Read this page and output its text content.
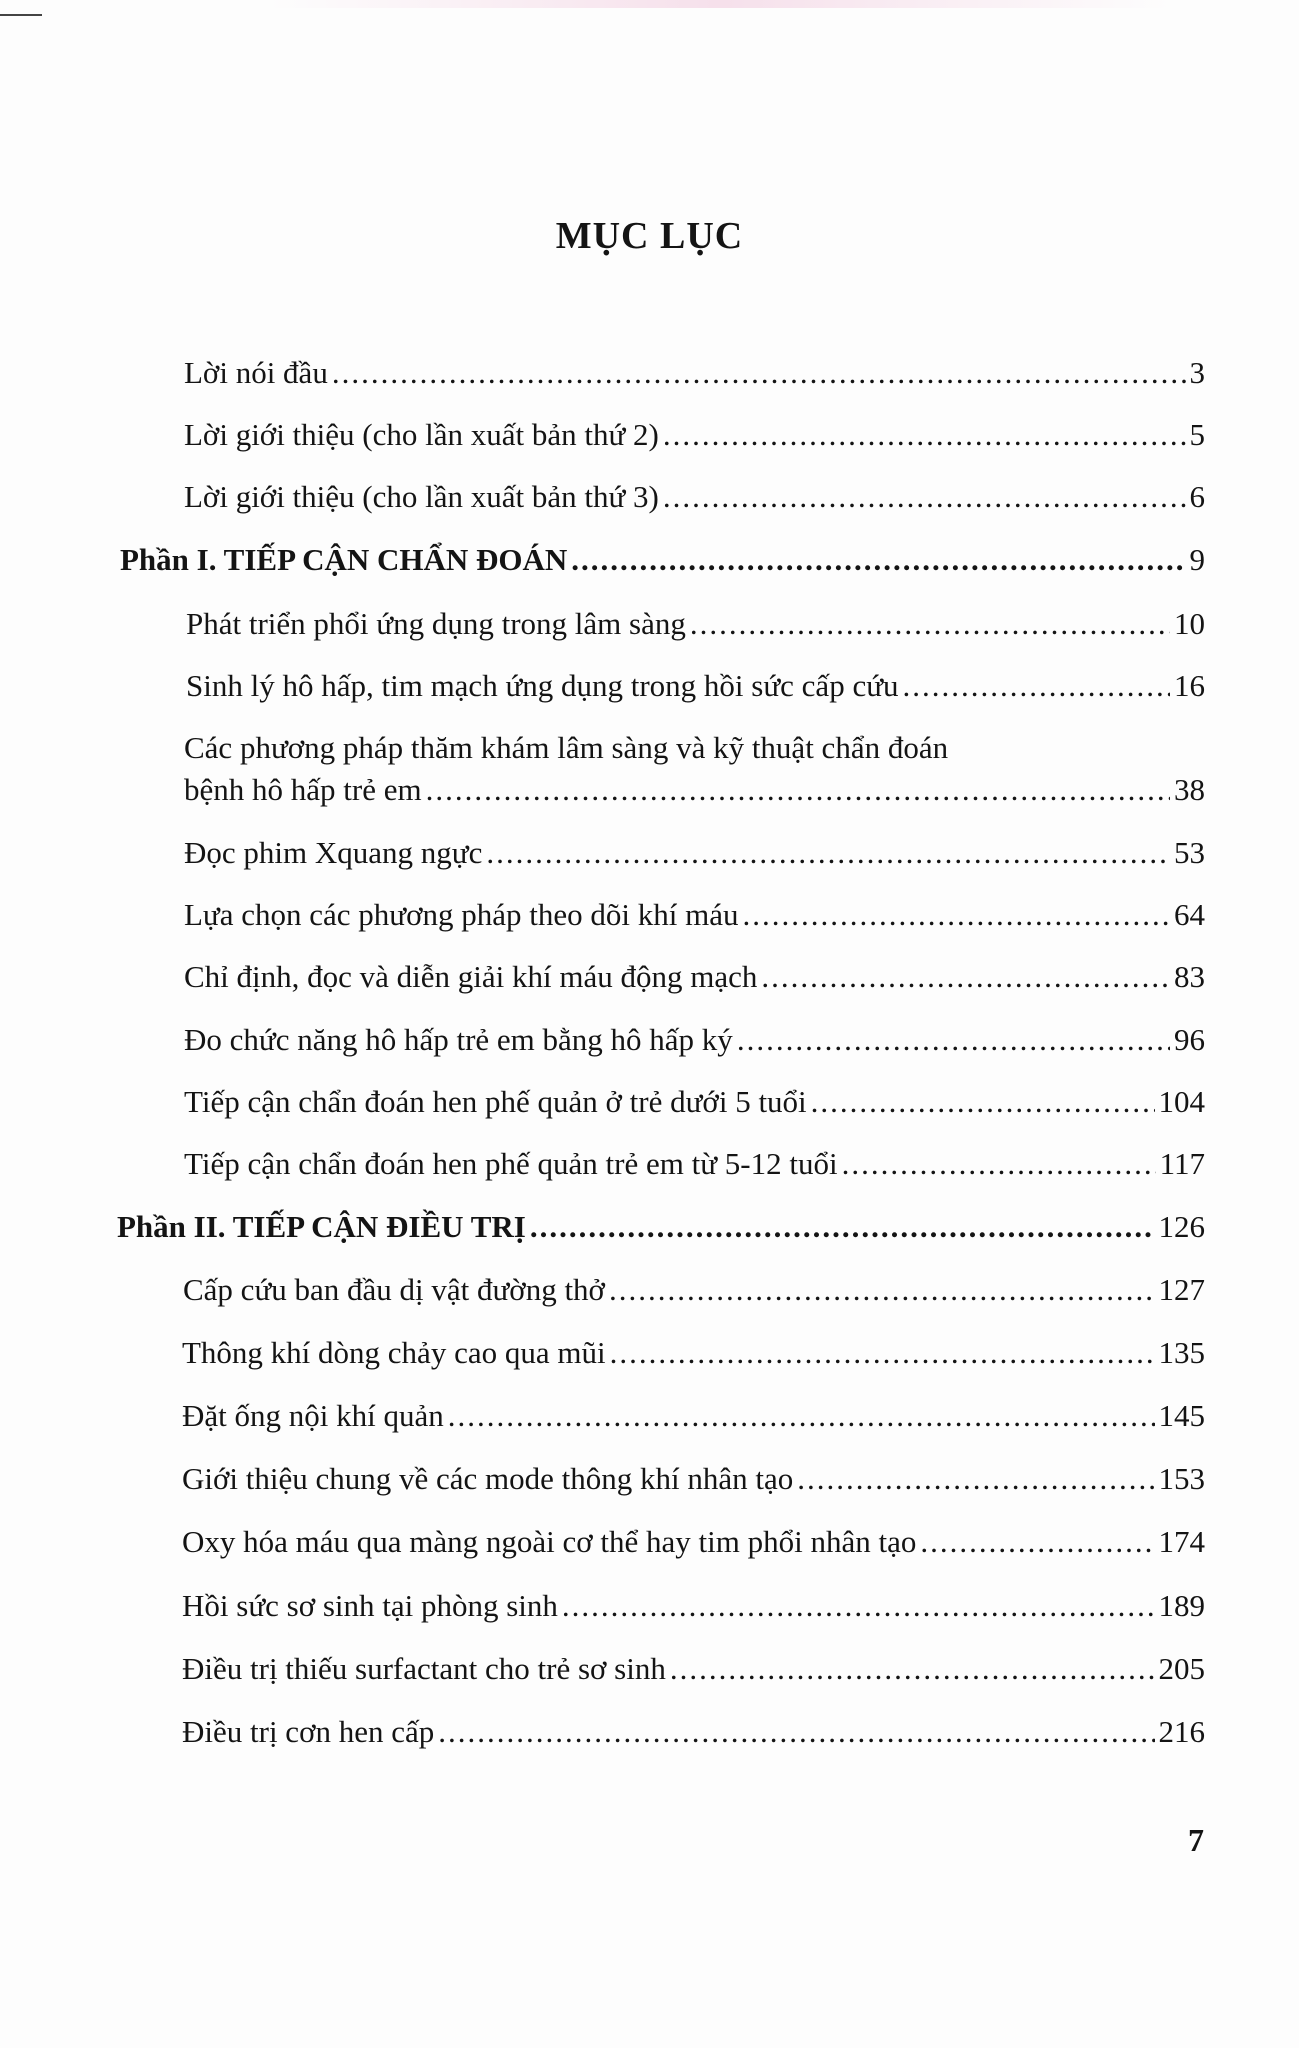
MỤC LỤC
Lời nói đầu .....	3
Lời giới thiệu (cho lần xuất bản thứ 2) .....	5
Lời giới thiệu (cho lần xuất bản thứ 3) .....	6
Phần I. TIẾP CẬN CHẨN ĐOÁN .....	9
Phát triển phổi ứng dụng trong lâm sàng .....	10
Sinh lý hô hấp, tim mạch ứng dụng trong hồi sức cấp cứu .....	16
Các phương pháp thăm khám lâm sàng và kỹ thuật chẩn đoán
bệnh hô hấp trẻ em .....	38
Đọc phim Xquang ngực .....	53
Lựa chọn các phương pháp theo dõi khí máu .....	64
Chỉ định, đọc và diễn giải khí máu động mạch .....	83
Đo chức năng hô hấp trẻ em bằng hô hấp ký .....	96
Tiếp cận chẩn đoán hen phế quản ở trẻ dưới 5 tuổi .....	104
Tiếp cận chẩn đoán hen phế quản trẻ em từ 5-12 tuổi .....	117
Phần II. TIẾP CẬN ĐIỀU TRỊ .....	126
Cấp cứu ban đầu dị vật đường thở .....	127
Thông khí dòng chảy cao qua mũi .....	135
Đặt ống nội khí quản .....	145
Giới thiệu chung về các mode thông khí nhân tạo .....	153
Oxy hóa máu qua màng ngoài cơ thể hay tim phổi nhân tạo .....	174
Hồi sức sơ sinh tại phòng sinh .....	189
Điều trị thiếu surfactant cho trẻ sơ sinh .....	205
Điều trị cơn hen cấp .....	216
7
